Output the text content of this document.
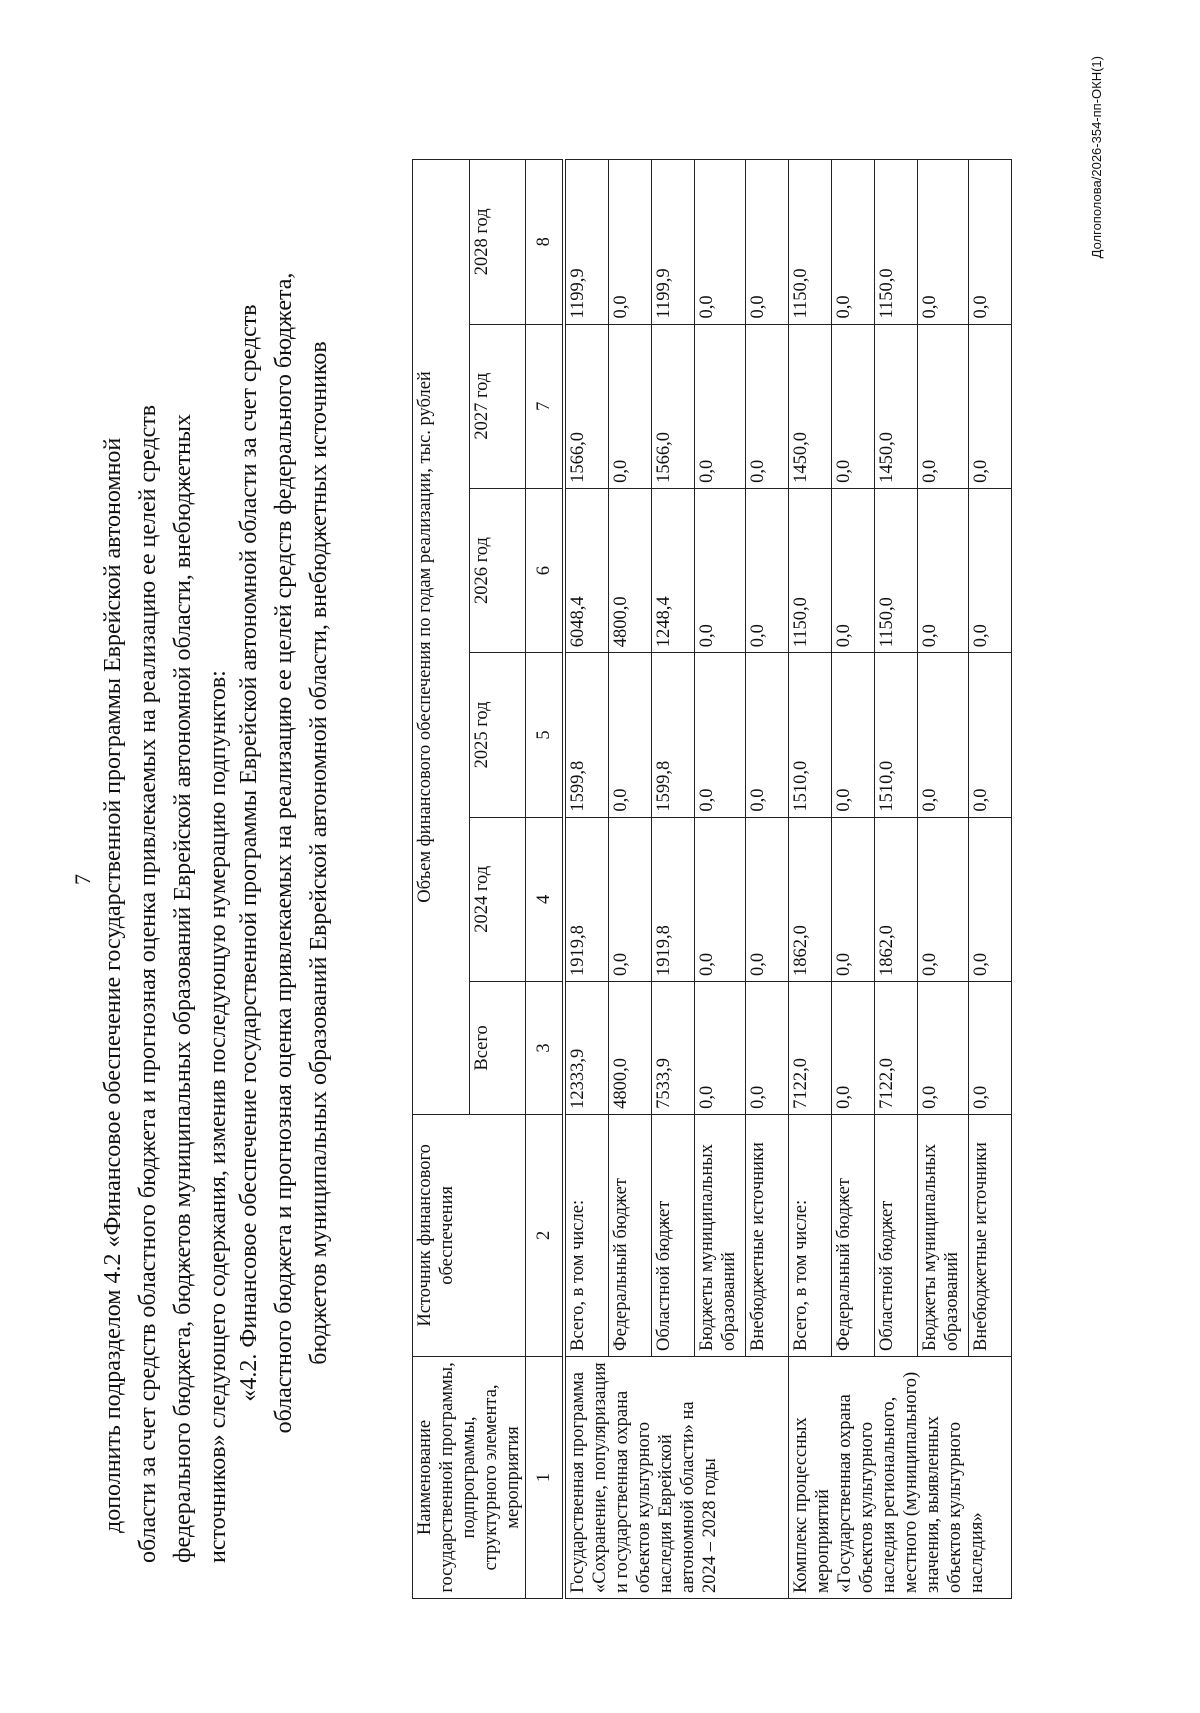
7 дополнить подразделом 4.2 «Финансовое обеспечение государственной программы Еврейской автономной области за счет средств областного бюджета и прогнозная оценка привлекаемых на реализацию ее целей средств федерального бюджета, бюджетов муниципальных образований Еврейской автономной области, внебюджетных источников» следующего содержания, изменив последующую нумерацию подпунктов: «4.2. Финансовое обеспечение государственной программы Еврейской автономной области за счет средств областного бюджета и прогнозная оценка привлекаемых на реализацию ее целей средств федерального бюджета, бюджетов муниципальных образований Еврейской автономной области, внебюджетных источников

Наименование государственной программы, подпрограммы, структурного элемента, мероприятия	Источник финансового обеспечения	Объем финансового обеспечения по годам реализации, тыс. рублей					
		Всего	2024 год	2025 год	2026 год	2027 год	2028 год
1	2	3	4	5	6	7	8
Государственная программа «Сохранение, популяризация и государственная охрана объектов культурного наследия Еврейской автономной области» на 2024 – 2028 годы	Всего, в том числе:	12333,9	1919,8	1599,8	6048,4	1566,0	1199,9
	Федеральный бюджет	4800,0	0,0	0,0	4800,0	0,0	0,0
	Областной бюджет	7533,9	1919,8	1599,8	1248,4	1566,0	1199,9
	Бюджеты муниципальных образований	0,0	0,0	0,0	0,0	0,0	0,0
	Внебюджетные источники	0,0	0,0	0,0	0,0	0,0	0,0
Комплекс процессных мероприятий «Государственная охрана объектов культурного наследия регионального, местного (муниципального) значения, выявленных объектов культурного наследия»	Всего, в том числе:	7122,0	1862,0	1510,0	1150,0	1450,0	1150,0
	Федеральный бюджет	0,0	0,0	0,0	0,0	0,0	0,0
	Областной бюджет	7122,0	1862,0	1510,0	1150,0	1450,0	1150,0
	Бюджеты муниципальных образований	0,0	0,0	0,0	0,0	0,0	0,0
	Внебюджетные источники	0,0	0,0	0,0	0,0	0,0	0,0
Долгополова/2026-354-пп-ОКН(1)
